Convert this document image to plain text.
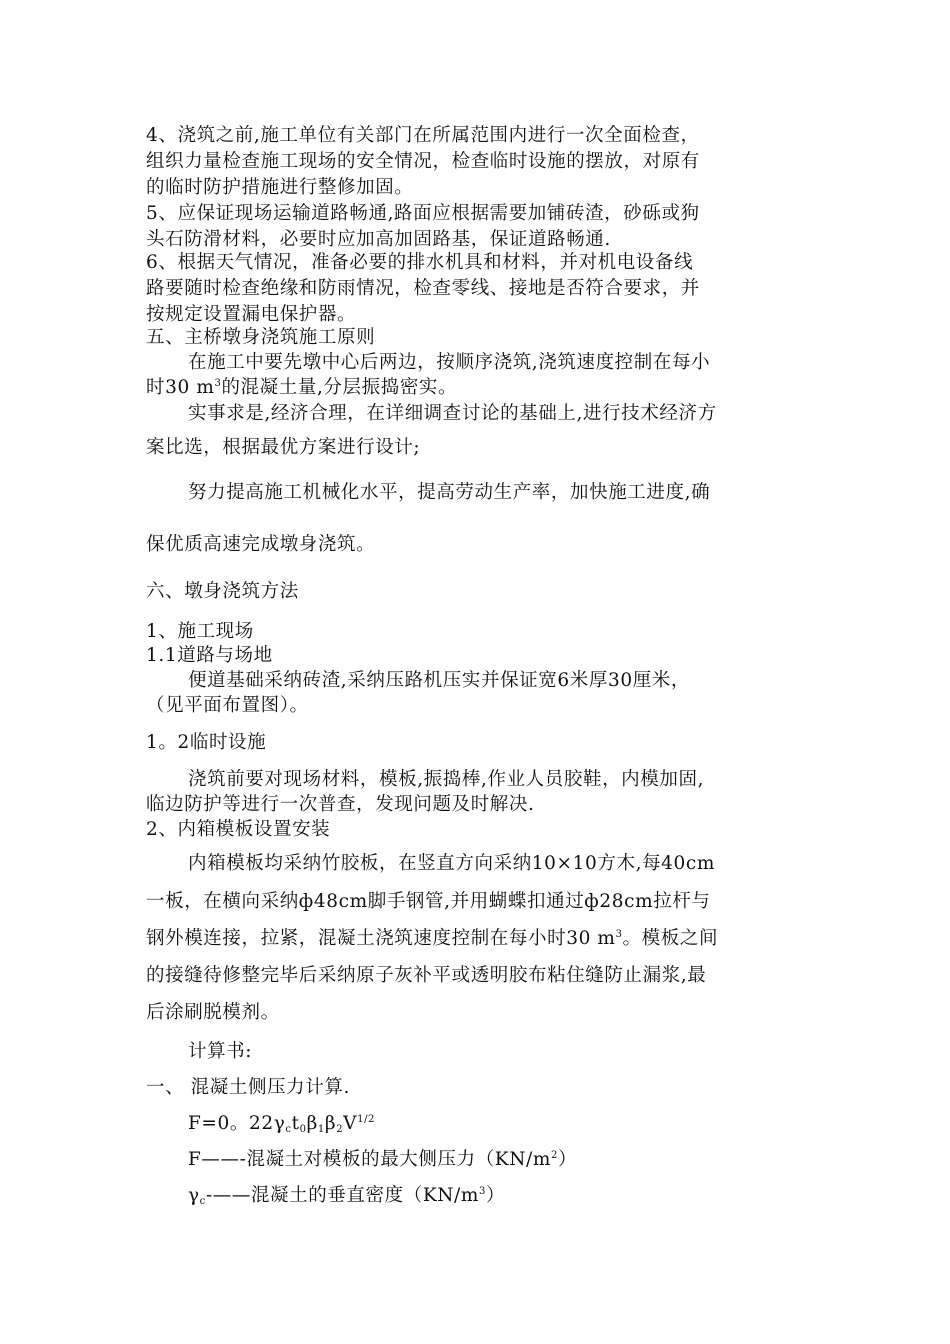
4、浇筑之前,施工单位有关部门在所属范围内进行一次全面检查，
组织力量检查施工现场的安全情况，检查临时设施的摆放，对原有
的临时防护措施进行整修加固。
5、应保证现场运输道路畅通,路面应根据需要加铺砖渣，砂砾或狗
头石防滑材料，必要时应加高加固路基，保证道路畅通.
6、根据天气情况，准备必要的排水机具和材料，并对机电设备线
路要随时检查绝缘和防雨情况，检查零线、接地是否符合要求，并
按规定设置漏电保护器。
五、主桥墩身浇筑施工原则
在施工中要先墩中心后两边，按顺序浇筑,浇筑速度控制在每小
时30 $m^3$的混凝土量,分层振捣密实。
实事求是,经济合理，在详细调查讨论的基础上,进行技术经济方
案比选，根据最优方案进行设计;
努力提高施工机械化水平，提高劳动生产率，加快施工进度,确
保优质高速完成墩身浇筑。
六、墩身浇筑方法
1、施工现场
1.1道路与场地
便道基础采纳砖渣,采纳压路机压实并保证宽6米厚30厘米，
（见平面布置图）。
1。2临时设施
浇筑前要对现场材料，模板,振捣棒,作业人员胶鞋，内模加固,
临边防护等进行一次普查，发现问题及时解决.
2、内箱模板设置安装
内箱模板均采纳竹胶板，在竖直方向采纳10×10方木,每40cm
一板，在横向采纳ф48cm脚手钢管,并用蝴蝶扣通过ф28cm拉杆与
钢外模连接，拉紧，混凝土浇筑速度控制在每小时30 $m^3$。模板之间
的接缝待修整完毕后采纳原子灰补平或透明胶布粘住缝防止漏浆,最
后涂刷脱模剂。
计算书:
一、 混凝土侧压力计算.
F=0。$22\gamma_ct_0\beta_1\beta_2V^{1/2}$
F——-混凝土对模板的最大侧压力$(KN/m^2)$
$\gamma_c-——$混凝土的垂直密度$(KN/m^3)$
